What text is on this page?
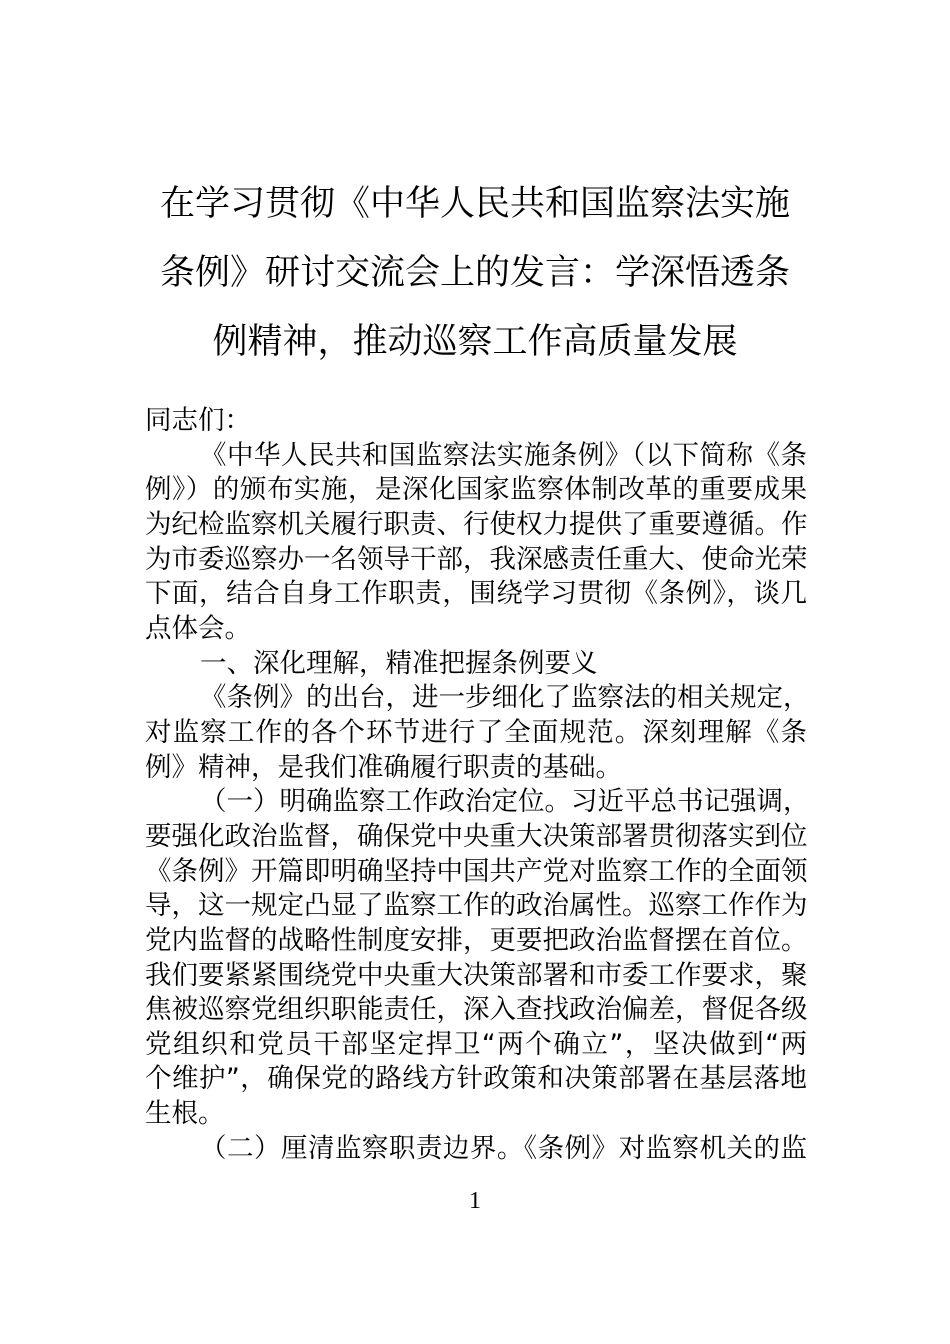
在学习贯彻《中华人民共和国监察法实施
条例》研讨交流会上的发言：学深悟透条
例精神，推动巡察工作高质量发展
同志们：
《中华人民共和国监察法实施条例》（以下简称《条
例》）的颁布实施，是深化国家监察体制改革的重要成果
为纪检监察机关履行职责、行使权力提供了重要遵循。作
为市委巡察办一名领导干部，我深感责任重大、使命光荣
下面，结合自身工作职责，围绕学习贯彻《条例》，谈几
点体会。
一、深化理解，精准把握条例要义
《条例》的出台，进一步细化了监察法的相关规定，
对监察工作的各个环节进行了全面规范。深刻理解《条
例》精神，是我们准确履行职责的基础。
（一）明确监察工作政治定位。习近平总书记强调，
要强化政治监督，确保党中央重大决策部署贯彻落实到位
《条例》开篇即明确坚持中国共产党对监察工作的全面领
导，这一规定凸显了监察工作的政治属性。巡察工作作为
党内监督的战略性制度安排，更要把政治监督摆在首位。
我们要紧紧围绕党中央重大决策部署和市委工作要求，聚
焦被巡察党组织职能责任，深入查找政治偏差，督促各级
党组织和党员干部坚定捍卫“两个确立”，坚决做到“两
个维护”，确保党的路线方针政策和决策部署在基层落地
生根。
（二）厘清监察职责边界。《条例》对监察机关的监
1
